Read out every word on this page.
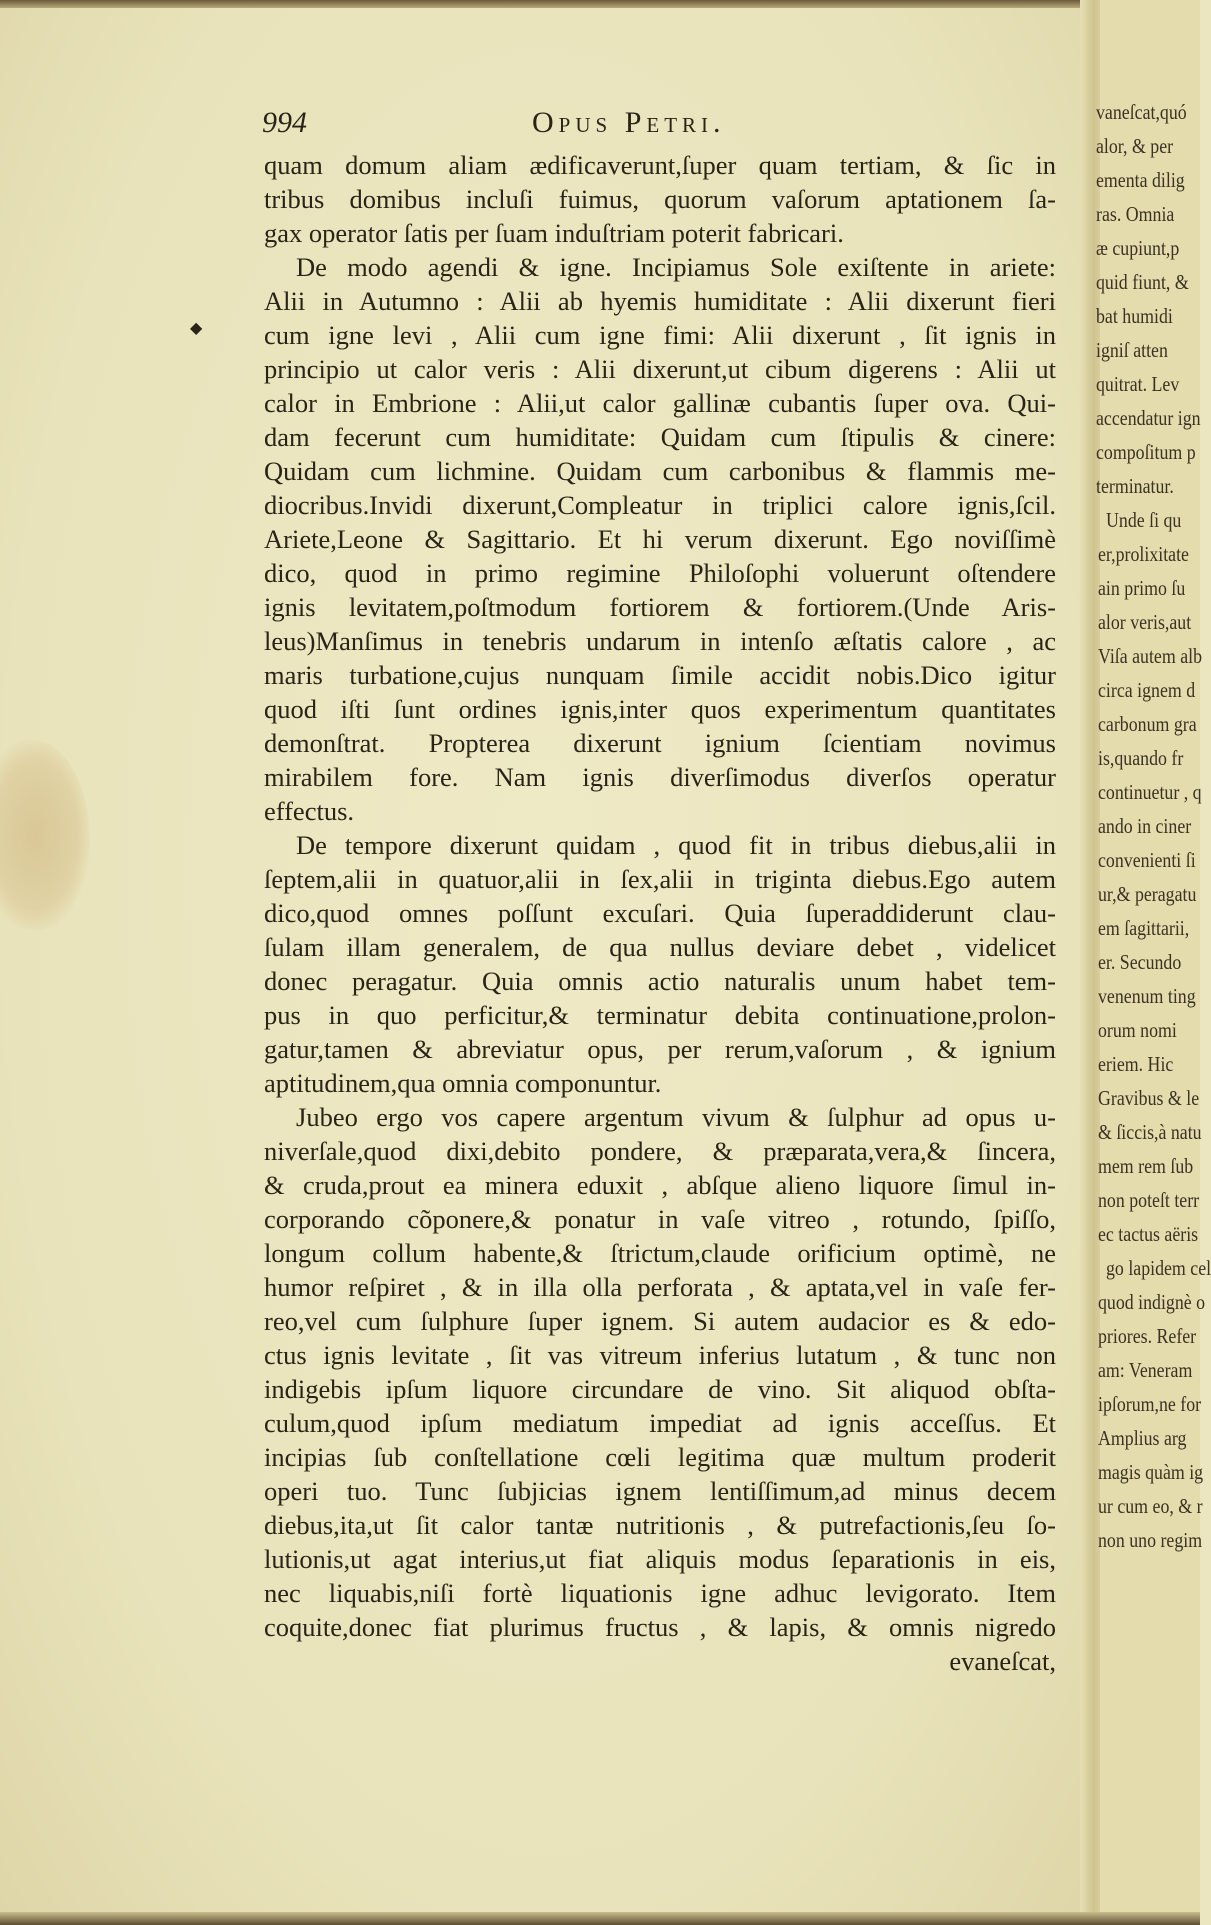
vaneſcat,quó
alor, & per
ementa dilig
ras. Omnia
æ cupiunt,p
quid fiunt, &
bat humidi
igniſ atten
quitrat. Lev
accendatur ign
compoſitum p
terminatur.
Unde ſi qu
er,prolixitate
ain primo ſu
alor veris,aut
Viſa autem alb
circa ignem d
carbonum gra
is,quando fr
continuetur , q
ando in ciner
convenienti ſi
ur,& peragatu
em ſagittarii,
er. Secundo
venenum ting
orum nomi
eriem. Hic
Gravibus & le
& ſiccis,à natu
mem rem ſub
non poteſt terr
ec tactus aëris
go lapidem cel
quod indignè o
priores. Refer
am: Veneram
ipſorum,ne for
Amplius arg
magis quàm ig
ur cum eo, & r
non uno regim
994	Opus Petri.
◆
quam domum aliam ædificaverunt,ſuper quam tertiam, & ſic in
tribus domibus incluſi fuimus, quorum vaſorum aptationem ſa-
gax operator ſatis per ſuam induſtriam poterit fabricari.
De modo agendi & igne. Incipiamus Sole exiſtente in ariete:
Alii in Autumno : Alii ab hyemis humiditate : Alii dixerunt fieri
cum igne levi , Alii cum igne fimi: Alii dixerunt , ſit ignis in
principio ut calor veris : Alii dixerunt,ut cibum digerens : Alii ut
calor in Embrione : Alii,ut calor gallinæ cubantis ſuper ova. Qui-
dam fecerunt cum humiditate: Quidam cum ſtipulis & cinere:
Quidam cum lichmine. Quidam cum carbonibus & flammis me-
diocribus.Invidi dixerunt,Compleatur in triplici calore ignis,ſcil.
Ariete,Leone & Sagittario. Et hi verum dixerunt. Ego noviſſimè
dico, quod in primo regimine Philoſophi voluerunt oſtendere
ignis levitatem,poſtmodum fortiorem & fortiorem.(Unde Aris-
leus)Manſimus in tenebris undarum in intenſo æſtatis calore , ac
maris turbatione,cujus nunquam ſimile accidit nobis.Dico igitur
quod iſti ſunt ordines ignis,inter quos experimentum quantitates
demonſtrat. Propterea dixerunt ignium ſcientiam novimus
mirabilem fore. Nam ignis diverſimodus diverſos operatur
effectus.
De tempore dixerunt quidam , quod fit in tribus diebus,alii in
ſeptem,alii in quatuor,alii in ſex,alii in triginta diebus.Ego autem
dico,quod omnes poſſunt excuſari. Quia ſuperaddiderunt clau-
ſulam illam generalem, de qua nullus deviare debet , videlicet
donec peragatur. Quia omnis actio naturalis unum habet tem-
pus in quo perficitur,& terminatur debita continuatione,prolon-
gatur,tamen & abreviatur opus, per rerum,vaſorum , & ignium
aptitudinem,qua omnia componuntur.
Jubeo ergo vos capere argentum vivum & ſulphur ad opus u-
niverſale,quod dixi,debito pondere, & præparata,vera,& ſincera,
& cruda,prout ea minera eduxit , abſque alieno liquore ſimul in-
corporando cõponere,& ponatur in vaſe vitreo , rotundo, ſpiſſo,
longum collum habente,& ſtrictum,claude orificium optimè, ne
humor reſpiret , & in illa olla perforata , & aptata,vel in vaſe fer-
reo,vel cum ſulphure ſuper ignem. Si autem audacior es & edo-
ctus ignis levitate , ſit vas vitreum inferius lutatum , & tunc non
indigebis ipſum liquore circundare de vino. Sit aliquod obſta-
culum,quod ipſum mediatum impediat ad ignis acceſſus. Et
incipias ſub conſtellatione cœli legitima quæ multum proderit
operi tuo. Tunc ſubjicias ignem lentiſſimum,ad minus decem
diebus,ita,ut ſit calor tantæ nutritionis , & putrefactionis,ſeu ſo-
lutionis,ut agat interius,ut fiat aliquis modus ſeparationis in eis,
nec liquabis,niſi fortè liquationis igne adhuc levigorato. Item
coquite,donec fiat plurimus fructus , & lapis, & omnis nigredo
evaneſcat,
